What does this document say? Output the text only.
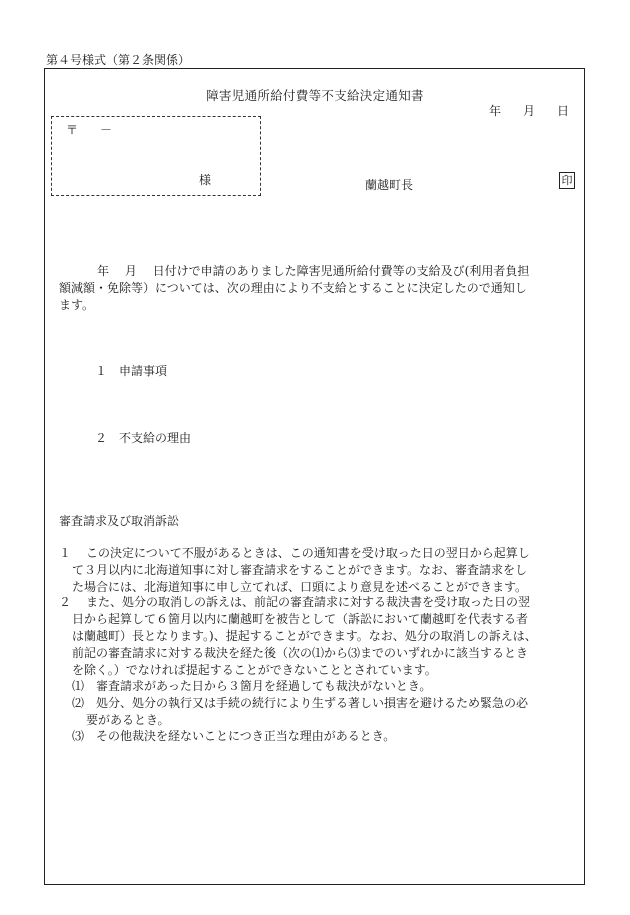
第４号様式（第２条関係）
障害児通所給付費等不支給決定通知書
年 月 日
〒 －
様	蘭越町長	印
年　 月　 日付けで申請のありました障害児通所給付費等の支給及び(利用者負担
額減額・免除等）については、次の理由により不支給とすることに決定したので通知し
ます。
１ 申請事項
２ 不支給の理由
審査請求及び取消訴訟
１ この決定について不服があるときは、この通知書を受け取った日の翌日から起算し
て３月以内に北海道知事に対し審査請求をすることができます。なお、審査請求をし
た場合には、北海道知事に申し立てれば、口頭により意見を述べることができます。
２ また、処分の取消しの訴えは、前記の審査請求に対する裁決書を受け取った日の翌
日から起算して６箇月以内に蘭越町を被告として（訴訟において蘭越町を代表する者
は蘭越町）長となります。)、提起することができます。なお、処分の取消しの訴えは、
前記の審査請求に対する裁決を経た後（次の⑴から⑶までのいずれかに該当するとき
を除く。）でなければ提起することができないこととされています。
⑴ 審査請求があった日から３箇月を経過しても裁決がないとき。
⑵ 処分、処分の執行又は手続の続行により生ずる著しい損害を避けるため緊急の必
要があるとき。
⑶ その他裁決を経ないことにつき正当な理由があるとき。
